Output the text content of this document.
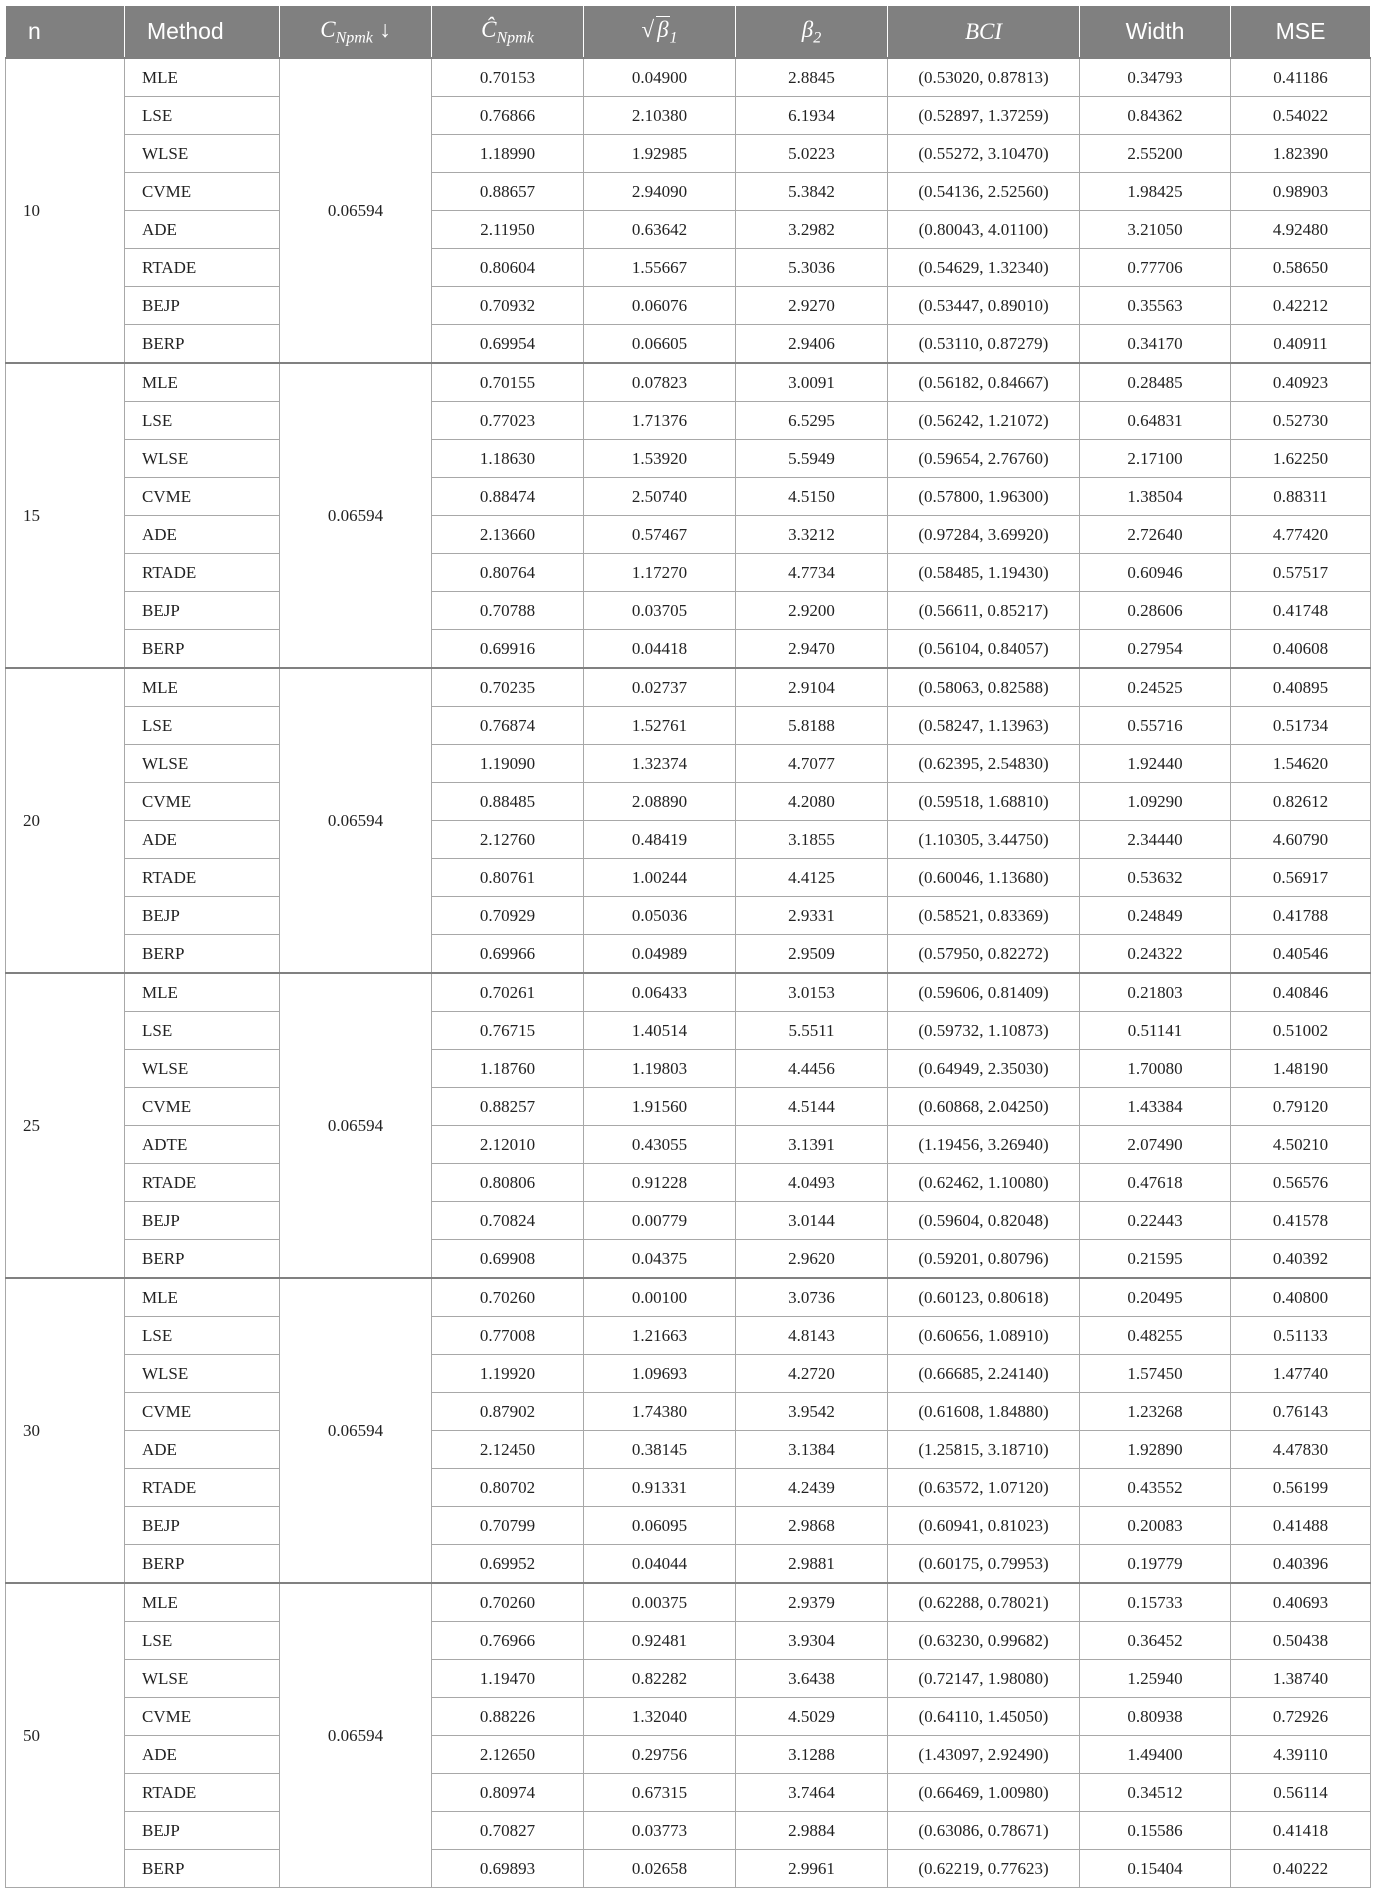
n	Method	$C_{Npmk}$ ↓	$Ĉ_{Npmk}$	√ $\beta_1$	$\beta_2$	BCI	Width	MSE
10	MLE	0.06594	0.70153	0.04900	2.8845	(0.53020, 0.87813)	0.34793	0.41186
	LSE		0.76866	2.10380	6.1934	(0.52897, 1.37259)	0.84362	0.54022
	WLSE		1.18990	1.92985	5.0223	(0.55272, 3.10470)	2.55200	1.82390
	CVME		0.88657	2.94090	5.3842	(0.54136, 2.52560)	1.98425	0.98903
	ADE		2.11950	0.63642	3.2982	(0.80043, 4.01100)	3.21050	4.92480
	RTADE		0.80604	1.55667	5.3036	(0.54629, 1.32340)	0.77706	0.58650
	BEJP		0.70932	0.06076	2.9270	(0.53447, 0.89010)	0.35563	0.42212
	BERP		0.69954	0.06605	2.9406	(0.53110, 0.87279)	0.34170	0.40911
15	MLE	0.06594	0.70155	0.07823	3.0091	(0.56182, 0.84667)	0.28485	0.40923
	LSE		0.77023	1.71376	6.5295	(0.56242, 1.21072)	0.64831	0.52730
	WLSE		1.18630	1.53920	5.5949	(0.59654, 2.76760)	2.17100	1.62250
	CVME		0.88474	2.50740	4.5150	(0.57800, 1.96300)	1.38504	0.88311
	ADE		2.13660	0.57467	3.3212	(0.97284, 3.69920)	2.72640	4.77420
	RTADE		0.80764	1.17270	4.7734	(0.58485, 1.19430)	0.60946	0.57517
	BEJP		0.70788	0.03705	2.9200	(0.56611, 0.85217)	0.28606	0.41748
	BERP		0.69916	0.04418	2.9470	(0.56104, 0.84057)	0.27954	0.40608
20	MLE	0.06594	0.70235	0.02737	2.9104	(0.58063, 0.82588)	0.24525	0.40895
	LSE		0.76874	1.52761	5.8188	(0.58247, 1.13963)	0.55716	0.51734
	WLSE		1.19090	1.32374	4.7077	(0.62395, 2.54830)	1.92440	1.54620
	CVME		0.88485	2.08890	4.2080	(0.59518, 1.68810)	1.09290	0.82612
	ADE		2.12760	0.48419	3.1855	(1.10305, 3.44750)	2.34440	4.60790
	RTADE		0.80761	1.00244	4.4125	(0.60046, 1.13680)	0.53632	0.56917
	BEJP		0.70929	0.05036	2.9331	(0.58521, 0.83369)	0.24849	0.41788
	BERP		0.69966	0.04989	2.9509	(0.57950, 0.82272)	0.24322	0.40546
25	MLE	0.06594	0.70261	0.06433	3.0153	(0.59606, 0.81409)	0.21803	0.40846
	LSE		0.76715	1.40514	5.5511	(0.59732, 1.10873)	0.51141	0.51002
	WLSE		1.18760	1.19803	4.4456	(0.64949, 2.35030)	1.70080	1.48190
	CVME		0.88257	1.91560	4.5144	(0.60868, 2.04250)	1.43384	0.79120
	ADTE		2.12010	0.43055	3.1391	(1.19456, 3.26940)	2.07490	4.50210
	RTADE		0.80806	0.91228	4.0493	(0.62462, 1.10080)	0.47618	0.56576
	BEJP		0.70824	0.00779	3.0144	(0.59604, 0.82048)	0.22443	0.41578
	BERP		0.69908	0.04375	2.9620	(0.59201, 0.80796)	0.21595	0.40392
30	MLE	0.06594	0.70260	0.00100	3.0736	(0.60123, 0.80618)	0.20495	0.40800
	LSE		0.77008	1.21663	4.8143	(0.60656, 1.08910)	0.48255	0.51133
	WLSE		1.19920	1.09693	4.2720	(0.66685, 2.24140)	1.57450	1.47740
	CVME		0.87902	1.74380	3.9542	(0.61608, 1.84880)	1.23268	0.76143
	ADE		2.12450	0.38145	3.1384	(1.25815, 3.18710)	1.92890	4.47830
	RTADE		0.80702	0.91331	4.2439	(0.63572, 1.07120)	0.43552	0.56199
	BEJP		0.70799	0.06095	2.9868	(0.60941, 0.81023)	0.20083	0.41488
	BERP		0.69952	0.04044	2.9881	(0.60175, 0.79953)	0.19779	0.40396
50	MLE	0.06594	0.70260	0.00375	2.9379	(0.62288, 0.78021)	0.15733	0.40693
	LSE		0.76966	0.92481	3.9304	(0.63230, 0.99682)	0.36452	0.50438
	WLSE		1.19470	0.82282	3.6438	(0.72147, 1.98080)	1.25940	1.38740
	CVME		0.88226	1.32040	4.5029	(0.64110, 1.45050)	0.80938	0.72926
	ADE		2.12650	0.29756	3.1288	(1.43097, 2.92490)	1.49400	4.39110
	RTADE		0.80974	0.67315	3.7464	(0.66469, 1.00980)	0.34512	0.56114
	BEJP		0.70827	0.03773	2.9884	(0.63086, 0.78671)	0.15586	0.41418
	BERP		0.69893	0.02658	2.9961	(0.62219, 0.77623)	0.15404	0.40222
